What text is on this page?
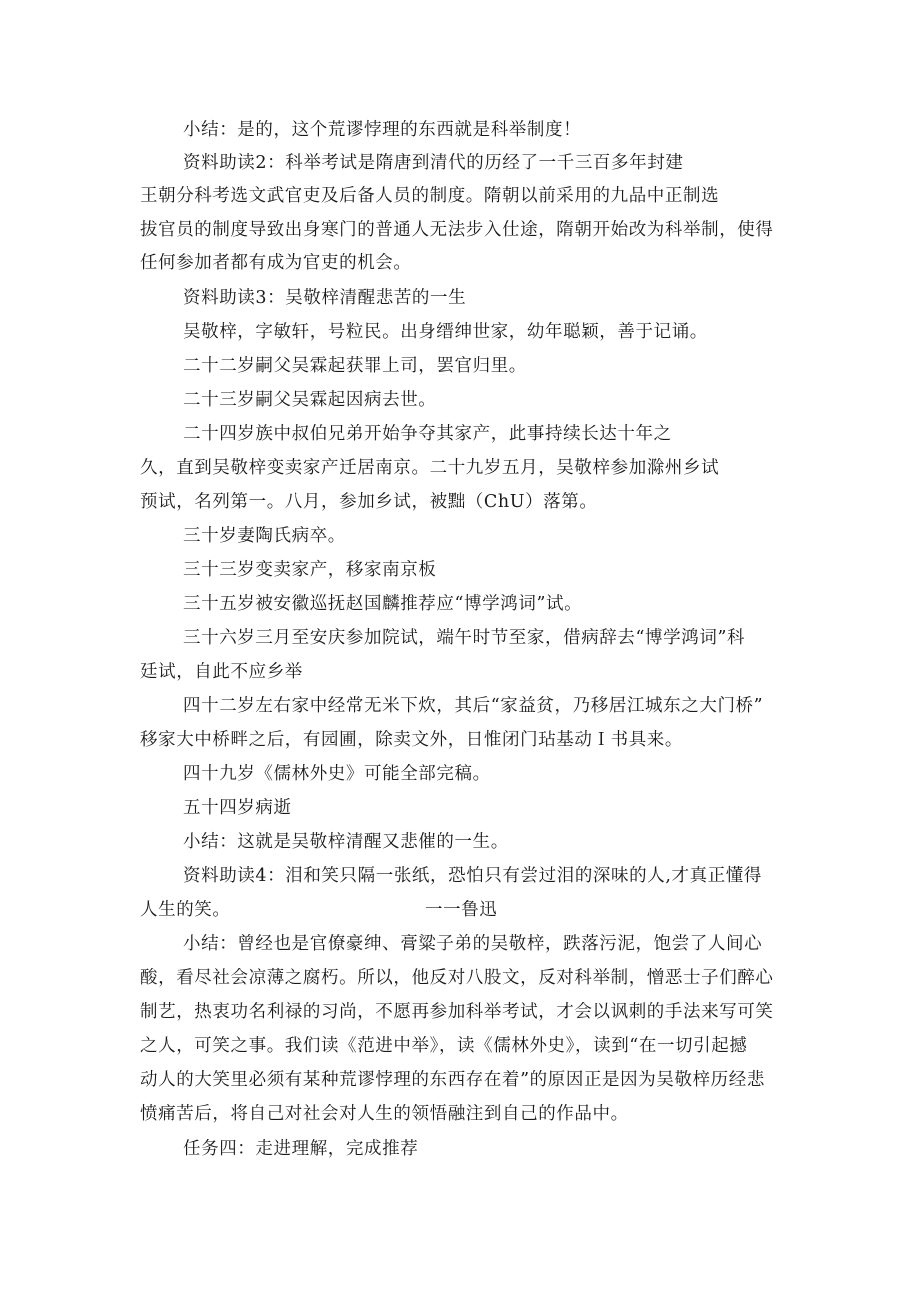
小结：是的，这个荒谬悖理的东西就是科举制度！
资料助读2：科举考试是隋唐到清代的历经了一千三百多年封建
王朝分科考选文武官吏及后备人员的制度。隋朝以前采用的九品中正制选
拔官员的制度导致出身寒门的普通人无法步入仕途，隋朝开始改为科举制，使得
任何参加者都有成为官吏的机会。
资料助读3：吴敬梓清醒悲苦的一生
吴敬梓，字敏轩，号粒民。出身缙绅世家，幼年聪颖，善于记诵。
二十二岁嗣父吴霖起获罪上司，罢官归里。
二十三岁嗣父吴霖起因病去世。
二十四岁族中叔伯兄弟开始争夺其家产，此事持续长达十年之
久，直到吴敬梓变卖家产迁居南京。二十九岁五月，吴敬梓参加滁州乡试
预试，名列第一。八月，参加乡试，被黜（ChU）落第。
三十岁妻陶氏病卒。
三十三岁变卖家产，移家南京板
三十五岁被安徽巡抚赵国麟推荐应“博学鸿词”试。
三十六岁三月至安庆参加院试，端午时节至家，借病辞去“博学鸿词”科
廷试，自此不应乡举
四十二岁左右家中经常无米下炊，其后“家益贫，乃移居江城东之大门桥”
移家大中桥畔之后，有园圃，除卖文外，日惟闭门玷基动Ｉ书具来。
四十九岁《儒林外史》可能全部完稿。
五十四岁病逝
小结：这就是吴敬梓清醒又悲催的一生。
资料助读4：泪和笑只隔一张纸，恐怕只有尝过泪的深味的人,才真正懂得
人生的笑。	一一鲁迅
小结：曾经也是官僚豪绅、膏粱子弟的吴敬梓，跌落污泥，饱尝了人间心
酸，看尽社会凉薄之腐朽。所以，他反对八股文，反对科举制，憎恶士子们醉心
制艺，热衷功名利禄的习尚，不愿再参加科举考试，才会以讽刺的手法来写可笑
之人，可笑之事。我们读《范进中举》，读《儒林外史》，读到“在一切引起撼
动人的大笑里必须有某种荒谬悖理的东西存在着”的原因正是因为吴敬梓历经悲
愤痛苦后，将自己对社会对人生的领悟融注到自己的作品中。
任务四：走进理解，完成推荐
